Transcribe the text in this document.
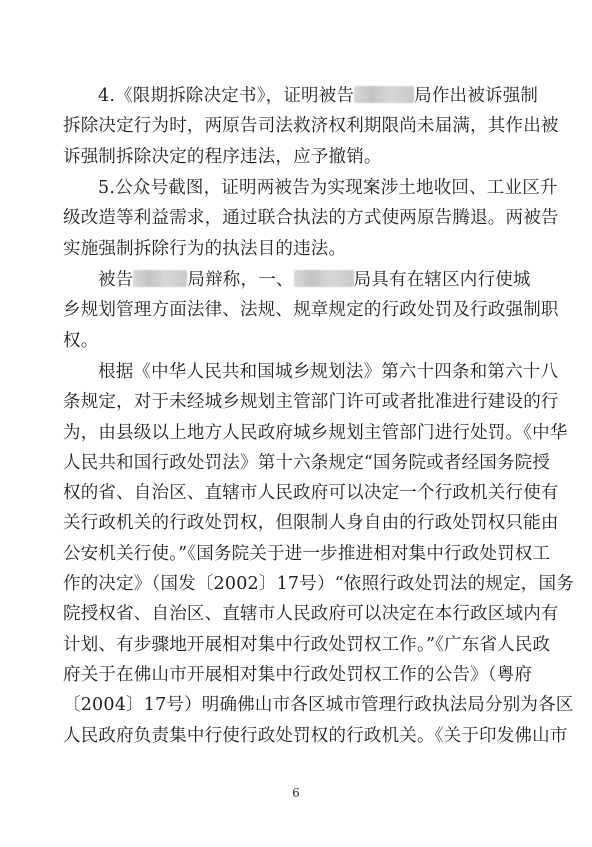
4.《限期拆除决定书》，证明被告	局作出被诉强制
拆除决定行为时，两原告司法救济权利期限尚未届满，其作出被
诉强制拆除决定的程序违法，应予撤销。
5.公众号截图，证明两被告为实现案涉土地收回、工业区升
级改造等利益需求，通过联合执法的方式使两原告腾退。两被告
实施强制拆除行为的执法目的违法。
被告	局辩称，一、	局具有在辖区内行使城
乡规划管理方面法律、法规、规章规定的行政处罚及行政强制职
权。
根据《中华人民共和国城乡规划法》第六十四条和第六十八
条规定，对于未经城乡规划主管部门许可或者批准进行建设的行
为，由县级以上地方人民政府城乡规划主管部门进行处罚。《中华
人民共和国行政处罚法》第十六条规定“国务院或者经国务院授
权的省、自治区、直辖市人民政府可以决定一个行政机关行使有
关行政机关的行政处罚权，但限制人身自由的行政处罚权只能由
公安机关行使。”《国务院关于进一步推进相对集中行政处罚权工
作的决定》（国发〔2002〕17号）“依照行政处罚法的规定，国务
院授权省、自治区、直辖市人民政府可以决定在本行政区域内有
计划、有步骤地开展相对集中行政处罚权工作。”《广东省人民政
府关于在佛山市开展相对集中行政处罚权工作的公告》（粤府
〔2004〕17号）明确佛山市各区城市管理行政执法局分别为各区
人民政府负责集中行使行政处罚权的行政机关。《关于印发佛山市
6
